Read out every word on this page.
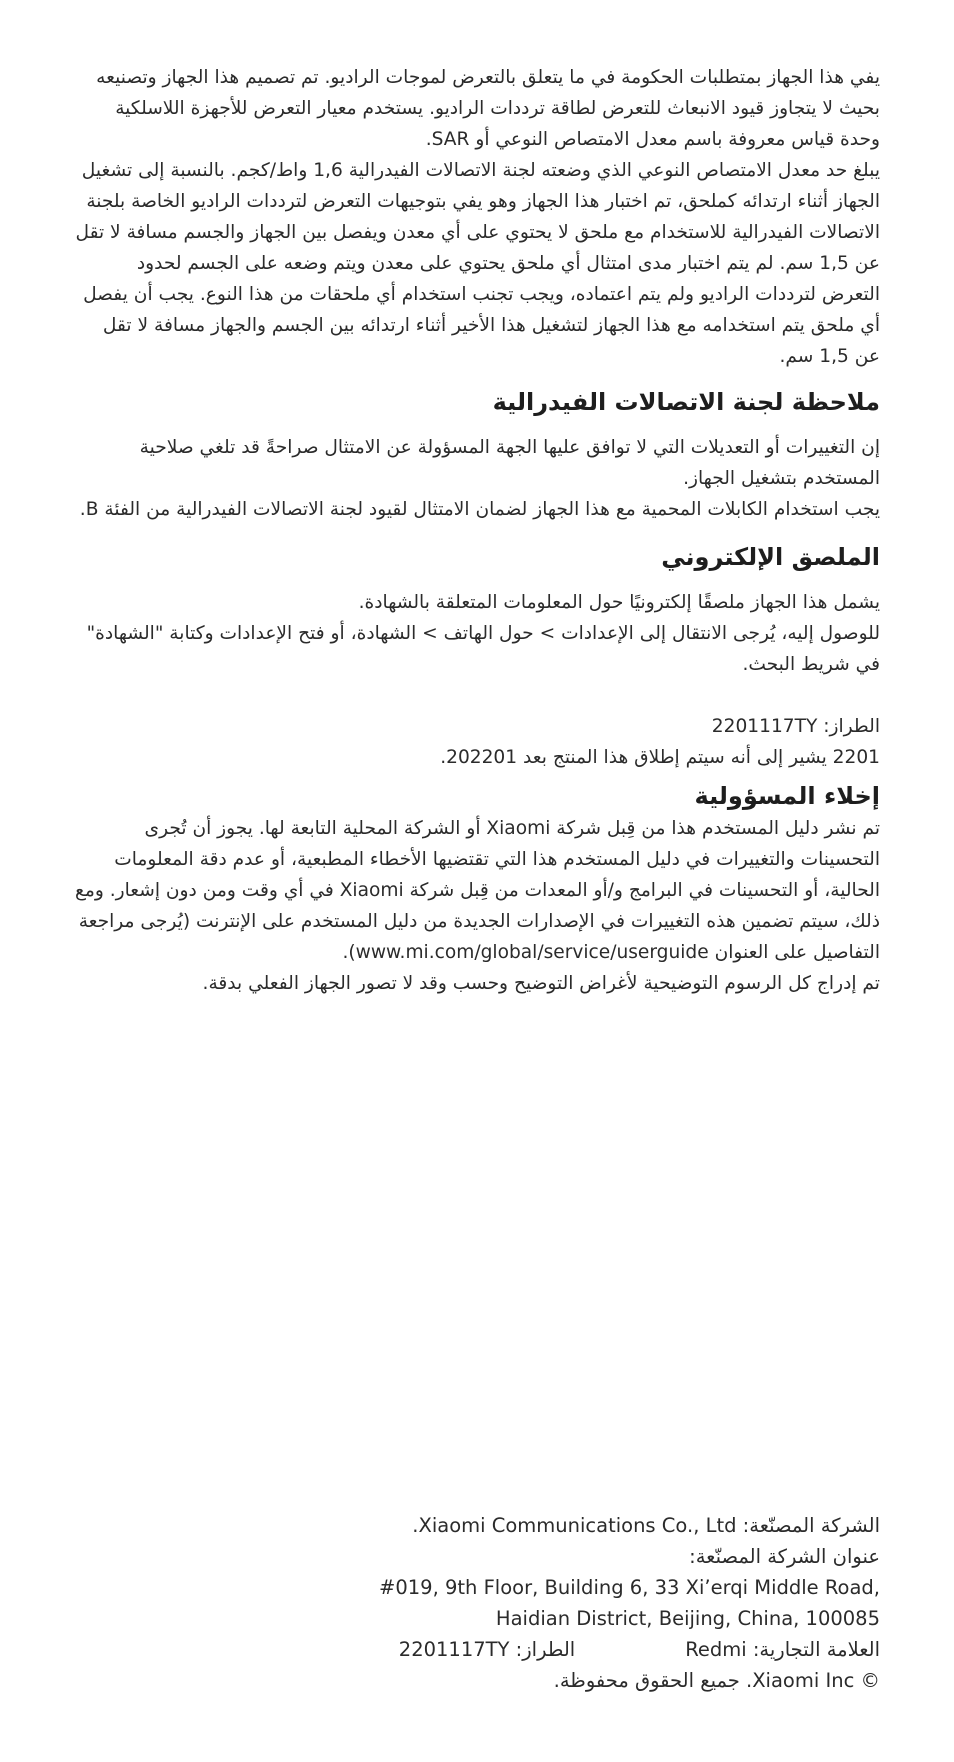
يفي هذا الجهاز بمتطلبات الحكومة في ما يتعلق بالتعرض لموجات الراديو. تم تصميم هذا الجهاز وتصنيعه بحيث لا يتجاوز قيود الانبعاث للتعرض لطاقة ترددات الراديو. يستخدم معيار التعرض للأجهزة اللاسلكية وحدة قياس معروفة باسم معدل الامتصاص النوعي أو SAR.

يبلغ حد معدل الامتصاص النوعي الذي وضعته لجنة الاتصالات الفيدرالية 1,6 واط/كجم. بالنسبة إلى تشغيل الجهاز أثناء ارتدائه كملحق، تم اختبار هذا الجهاز وهو يفي بتوجيهات التعرض لترددات الراديو الخاصة بلجنة الاتصالات الفيدرالية للاستخدام مع ملحق لا يحتوي على أي معدن ويفصل بين الجهاز والجسم مسافة لا تقل عن 1,5 سم. لم يتم اختبار مدى امتثال أي ملحق يحتوي على معدن ويتم وضعه على الجسم لحدود التعرض لترددات الراديو ولم يتم اعتماده، ويجب تجنب استخدام أي ملحقات من هذا النوع. يجب أن يفصل أي ملحق يتم استخدامه مع هذا الجهاز لتشغيل هذا الأخير أثناء ارتدائه بين الجسم والجهاز مسافة لا تقل عن 1,5 سم.

ملاحظة لجنة الاتصالات الفيدرالية

إن التغييرات أو التعديلات التي لا توافق عليها الجهة المسؤولة عن الامتثال صراحةً قد تلغي صلاحية المستخدم بتشغيل الجهاز.

يجب استخدام الكابلات المحمية مع هذا الجهاز لضمان الامتثال لقيود لجنة الاتصالات الفيدرالية من الفئة B.

الملصق الإلكتروني

يشمل هذا الجهاز ملصقًا إلكترونيًا حول المعلومات المتعلقة بالشهادة.

للوصول إليه، يُرجى الانتقال إلى الإعدادات > حول الهاتف > الشهادة، أو فتح الإعدادات وكتابة "الشهادة" في شريط البحث.

الطراز: 2201117TY

2201 يشير إلى أنه سيتم إطلاق هذا المنتج بعد 202201.

إخلاء المسؤولية

تم نشر دليل المستخدم هذا من قِبل شركة Xiaomi أو الشركة المحلية التابعة لها. يجوز أن تُجرى التحسينات والتغييرات في دليل المستخدم هذا التي تقتضيها الأخطاء المطبعية، أو عدم دقة المعلومات الحالية، أو التحسينات في البرامج و/أو المعدات من قِبل شركة Xiaomi في أي وقت ومن دون إشعار. ومع ذلك، سيتم تضمين هذه التغييرات في الإصدارات الجديدة من دليل المستخدم على الإنترنت (يُرجى مراجعة التفاصيل على العنوان www.mi.com/global/service/userguide).

تم إدراج كل الرسوم التوضيحية لأغراض التوضيح وحسب وقد لا تصور الجهاز الفعلي بدقة.

الشركة المصنّعة: Xiaomi Communications Co., Ltd.
عنوان الشركة المصنّعة:
#019, 9th Floor, Building 6, 33 Xi’erqi Middle Road,
Haidian District, Beijing, China, 100085
العلامة التجارية: Redmi
الطراز: 2201117TY
© Xiaomi Inc. جميع الحقوق محفوظة.
